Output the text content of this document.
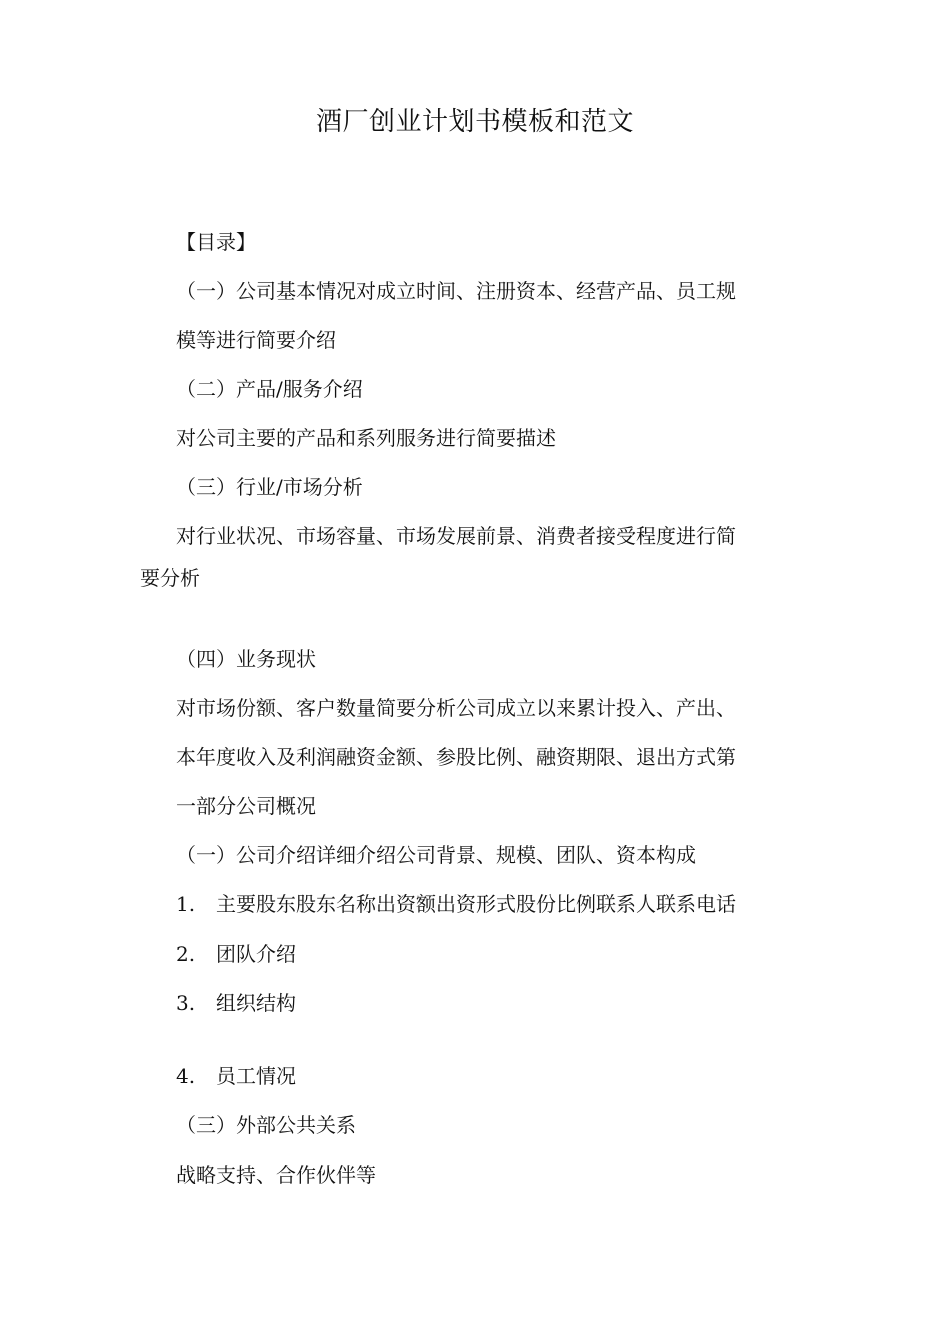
酒厂创业计划书模板和范文
【目录】
（一）公司基本情况对成立时间、注册资本、经营产品、员工规
模等进行简要介绍
（二）产品/服务介绍
对公司主要的产品和系列服务进行简要描述
（三）行业/市场分析
对行业状况、市场容量、市场发展前景、消费者接受程度进行简
要分析
（四）业务现状
对市场份额、客户数量简要分析公司成立以来累计投入、产出、
本年度收入及利润融资金额、参股比例、融资期限、退出方式第
一部分公司概况
（一）公司介绍详细介绍公司背景、规模、团队、资本构成
1. 主要股东股东名称出资额出资形式股份比例联系人联系电话
2. 团队介绍
3. 组织结构
4. 员工情况
（三）外部公共关系
战略支持、合作伙伴等
